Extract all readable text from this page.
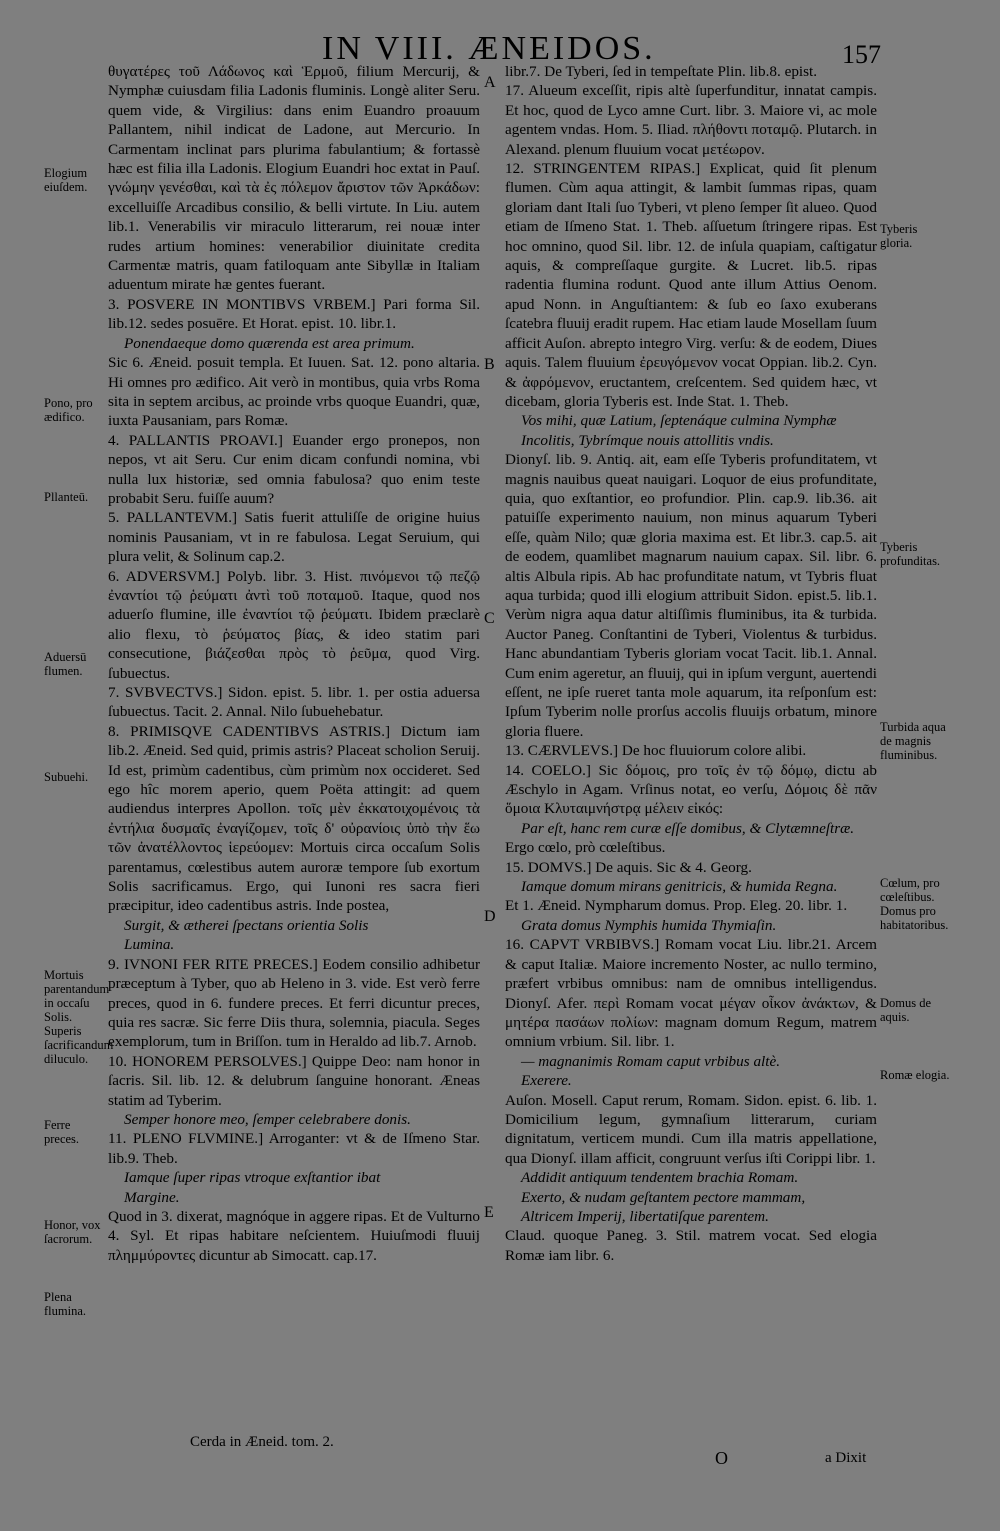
IN VIII. ÆNEIDOS.	157

θυγατέρες τοῦ Λάδωνος καὶ Ἑρμοῦ, filium Mercurij, & Nymphæ cuiusdam filia Ladonis fluminis. Longè aliter Seru. quem vide, & Virgilius: dans enim Euandro proauum Pallantem, nihil indicat de Ladone, aut Mercurio. In Carmentam inclinat pars plurima fabulantium; & fortassè hæc est filia illa Ladonis. Elogium Euandri hoc extat in Pauſ. γνώμην γενέσθαι, καὶ τὰ ἐς πόλεμον ἄριστον τῶν Ἀρκάδων: excelluiſſe Arcadibus consilio, & belli virtute. In Liu. autem lib.1. Venerabilis vir miraculo litterarum, rei nouæ inter rudes artium homines: venerabilior diuinitate credita Carmentæ matris, quam fatiloquam ante Sibyllæ in Italiam aduentum mirate hæ gentes fuerant.

3. POSVERE IN MONTIBVS VRBEM.] Pari forma Sil. lib.12. sedes posuēre. Et Horat. epist. 10. libr.1.

Ponendaeque domo quærenda est area primum.

Sic 6. Æneid. posuit templa. Et Iuuen. Sat. 12. pono altaria. Hi omnes pro ædifico. Ait verò in montibus, quia vrbs Roma sita in septem arcibus, ac proinde vrbs quoque Euandri, quæ, iuxta Pausaniam, pars Romæ.

4. PALLANTIS PROAVI.] Euander ergo pronepos, non nepos, vt ait Seru. Cur enim dicam confundi nomina, vbi nulla lux historiæ, sed omnia fabulosa? quo enim teste probabit Seru. fuiſſe auum?

5. PALLANTEVM.] Satis fuerit attuliſſe de origine huius nominis Pausaniam, vt in re fabulosa. Legat Seruium, qui plura velit, & Solinum cap.2.

6. ADVERSVM.] Polyb. libr. 3. Hist. πινόμενοι τῷ πεζῷ ἐναντίοι τῷ ῥεύματι ἀντὶ τοῦ ποταμοῦ. Itaque, quod nos aduerſo flumine, ille ἐναντίοι τῷ ῥεύματι. Ibidem præclarè alio flexu, τὸ ῥεύματος βίας, & ideo statim pari consecutione, βιάζεσθαι πρὸς τὸ ῥεῦμα, quod Virg. ſubuectus.

7. SVBVECTVS.] Sidon. epist. 5. libr. 1. per ostia aduersa ſubuectus. Tacit. 2. Annal. Nilo ſubuehebatur.

8. PRIMISQVE CADENTIBVS ASTRIS.] Dictum iam lib.2. Æneid. Sed quid, primis astris? Placeat scholion Seruij. Id est, primùm cadentibus, cùm primùm nox occideret. Sed ego hîc morem aperio, quem Poëta attingit: ad quem audiendus interpres Apollon. τοῖς μὲν ἐκκατοιχομένοις τὰ ἐντήλια δυσμαῖς ἐναγίζομεν, τοῖς δ' οὐρανίοις ὑπὸ τὴν ἕω τῶν ἀνατέλλοντος ἱερεύομεν: Mortuis circa occaſum Solis parentamus, cœlestibus autem auroræ tempore ſub exortum Solis sacrificamus. Ergo, qui Iunoni res sacra fieri præcipitur, ideo cadentibus astris. Inde postea,

Surgit, & ætherei ſpectans orientia Solis

Lumina.

9. IVNONI FER RITE PRECES.] Eodem consilio adhibetur præceptum à Tyber, quo ab Heleno in 3. vide. Est verò ferre preces, quod in 6. fundere preces. Et ferri dicuntur preces, quia res sacræ. Sic ferre Diis thura, solemnia, piacula. Seges exemplorum, tum in Briſſon. tum in Heraldo ad lib.7. Arnob.

10. HONOREM PERSOLVES.] Quippe Deo: nam honor in ſacris. Sil. lib. 12. & delubrum ſanguine honorant. Æneas statim ad Tyberim.

Semper honore meo, ſemper celebrabere donis.

11. PLENO FLVMINE.] Arroganter: vt & de Iſmeno Star. lib.9. Theb.

Iamque ſuper ripas vtroque exſtantior ibat

Margine.

Quod in 3. dixerat, magnóque in aggere ripas. Et de Vulturno 4. Syl. Et ripas habitare neſcientem. Huiuſmodi fluuij πλημμύροντες dicuntur ab Simocatt. cap.17.

libr.7. De Tyberi, ſed in tempeſtate Plin. lib.8. epist.

17. Alueum exceſſit, ripis altè ſuperfunditur, innatat campis. Et hoc, quod de Lyco amne Curt. libr. 3. Maiore vi, ac mole agentem vndas. Hom. 5. Iliad. πλήθοντι ποταμῷ. Plutarch. in Alexand. plenum fluuium vocat μετέωρον.

12. STRINGENTEM RIPAS.] Explicat, quid ſit plenum flumen. Cùm aqua attingit, & lambit ſummas ripas, quam gloriam dant Itali ſuo Tyberi, vt pleno ſemper ſit alueo. Quod etiam de Iſmeno Stat. 1. Theb. aſſuetum ſtringere ripas. Est hoc omnino, quod Sil. libr. 12. de inſula quapiam, caſtigatur aquis, & compreſſaque gurgite. & Lucret. lib.5. ripas radentia flumina rodunt. Quod ante illum Attius Oenom. apud Nonn. in Anguſtiantem: & ſub eo ſaxo exuberans ſcatebra fluuij eradit rupem. Hac etiam laude Mosellam ſuum afficit Auſon. abrepto integro Virg. verſu: & de eodem, Diues aquis. Talem fluuium ἐρευγόμενον vocat Oppian. lib.2. Cyn. & ἀφρόμενον, eructantem, creſcentem. Sed quidem hæc, vt dicebam, gloria Tyberis est. Inde Stat. 1. Theb.

Vos mihi, quæ Latium, ſeptenáque culmina Nymphæ

Incolitis, Tybrímque nouis attollitis vndis.

Dionyſ. lib. 9. Antiq. ait, eam eſſe Tyberis profunditatem, vt magnis nauibus queat nauigari. Loquor de eius profunditate, quia, quo exſtantior, eo profundior. Plin. cap.9. lib.36. ait patuiſſe experimento nauium, non minus aquarum Tyberi eſſe, quàm Nilo; quæ gloria maxima est. Et libr.3. cap.5. ait de eodem, quamlibet magnarum nauium capax. Sil. libr. 6. altis Albula ripis. Ab hac profunditate natum, vt Tybris fluat aqua turbida; quod illi elogium attribuit Sidon. epist.5. lib.1. Verùm nigra aqua datur altiſſimis fluminibus, ita & turbida. Auctor Paneg. Conſtantini de Tyberi, Violentus & turbidus. Hanc abundantiam Tyberis gloriam vocat Tacit. lib.1. Annal. Cum enim ageretur, an fluuij, qui in ipſum vergunt, auertendi eſſent, ne ipſe rueret tanta mole aquarum, ita reſponſum est: Ipſum Tyberim nolle prorſus accolis fluuijs orbatum, minore gloria fluere.

13. CÆRVLEVS.] De hoc fluuiorum colore alibi.

14. COELO.] Sic δόμοις, pro τοῖς ἐν τῷ δόμῳ, dictu ab Æschylo in Agam. Vrſinus notat, eo verſu, Δόμοις δὲ πᾶν ὅμοια Κλυταιμνήστρᾳ μέλειν εἰκός:

Par eſt, hanc rem curæ eſſe domibus, & Clytæmneſtræ.

Ergo cœlo, prò cœleſtibus.

15. DOMVS.] De aquis. Sic & 4. Georg.

Iamque domum mirans genitricis, & humida Regna.

Et 1. Æneid. Nympharum domus. Prop. Eleg. 20. libr. 1.

Grata domus Nymphis humida Thymiaſin.

16. CAPVT VRBIBVS.] Romam vocat Liu. libr.21. Arcem & caput Italiæ. Maiore incremento Noster, ac nullo termino, præfert vrbibus omnibus: nam de omnibus intelligendus. Dionyſ. Afer. περὶ Romam vocat μέγαν οἶκον ἀνάκτων, & μητέρα πασάων πολίων: magnam domum Regum, matrem omnium vrbium. Sil. libr. 1.

— magnanimis Romam caput vrbibus altè.

Exerere.

Auſon. Mosell. Caput rerum, Romam. Sidon. epist. 6. lib. 1. Domicilium legum, gymnaſium litterarum, curiam dignitatum, verticem mundi. Cum illa matris appellatione, qua Dionyſ. illam afficit, congruunt verſus iſti Corippi libr. 1.

Addidit antiquum tendentem brachia Romam.

Exerto, & nudam geſtantem pectore mammam,

Altricem Imperij, libertatiſque parentem.

Claud. quoque Paneg. 3. Stil. matrem vocat. Sed elogia Romæ iam libr. 6.

Elogium eiuſdem.
Pono, pro ædifico.
Pllanteū.
Aduersū flumen.
Subuehi.
Mortuis parentandum in occaſu Solis. Superis ſacrificandum diluculo.
Ferre preces.
Honor, vox ſacrorum.
Plena flumina.
Tyberis gloria.
Tyberis profunditas.
Turbida aqua de magnis fluminibus.
Cœlum, pro cœleſtibus. Domus pro habitatoribus.
Domus de aquis.
Romæ elogia.
A
B
C
D
E
Cerda in Æneid. tom. 2.
O	a Dixit
